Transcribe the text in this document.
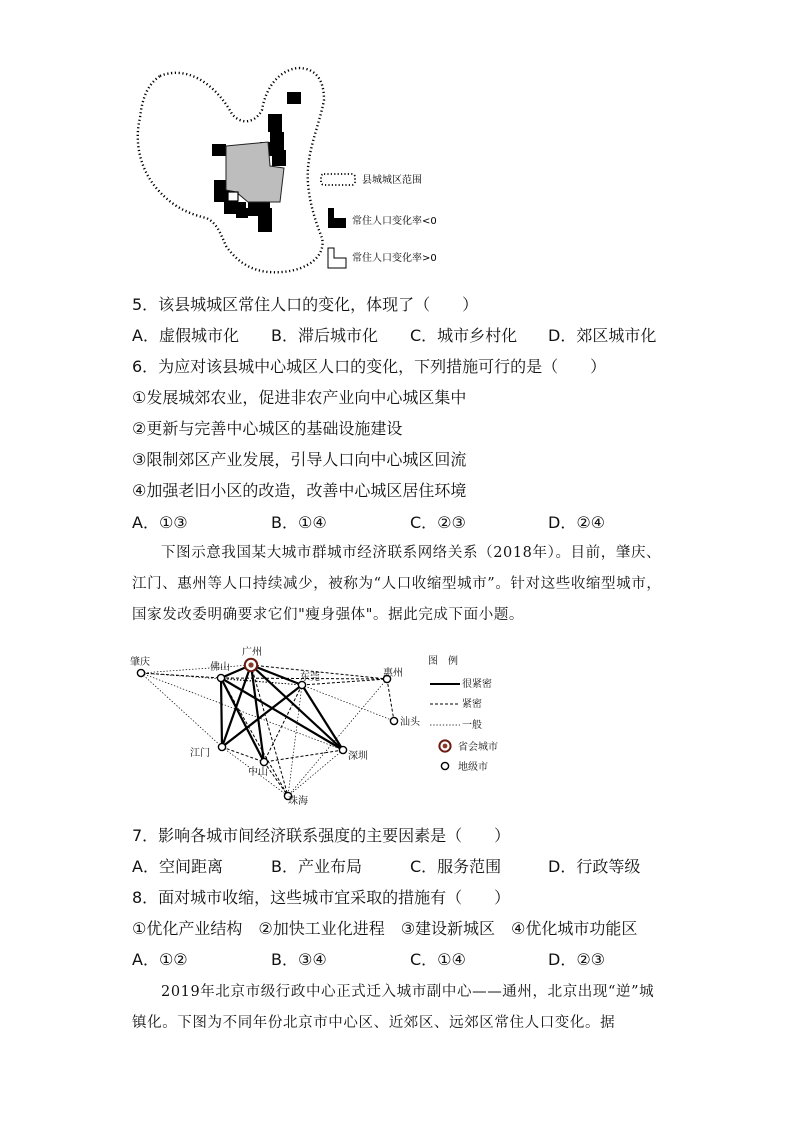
县城城区范围
常住人口变化率<0
常住人口变化率>0
5．该县城城区常住人口的变化，体现了（　　）
A．虚假城市化 B．滞后城市化 C．城市乡村化 D．郊区城市化
6．为应对该县城中心城区人口的变化，下列措施可行的是（　　）
①发展城郊农业，促进非农产业向中心城区集中
②更新与完善中心城区的基础设施建设
③限制郊区产业发展，引导人口向中心城区回流
④加强老旧小区的改造，改善中心城区居住环境
A．①③	B．①④	C．②③	D．②④
下图示意我国某大城市群城市经济联系网络关系（2018年）。目前，肇庆、江门、惠州等人口持续减少，被称为“人口收缩型城市”。针对这些收缩型城市，国家发改委明确要求它们"瘦身强体"。据此完成下面小题。
肇庆	佛山
广州
东莞	惠州
汕头
江门
中山
深圳
珠海
图　例
很紧密
紧密
一般
省会城市
地级市
7．影响各城市间经济联系强度的主要因素是（　　）
A．空间距离	B．产业布局	C．服务范围	D．行政等级
8．面对城市收缩，这些城市宜采取的措施有（　　）
①优化产业结构　②加快工业化进程　③建设新城区　④优化城市功能区
A．①②	B．③④	C．①④	D．②③
2019年北京市级行政中心正式迁入城市副中心——通州，北京出现“逆”城镇化。下图为不同年份北京市中心区、近郊区、远郊区常住人口变化。据
